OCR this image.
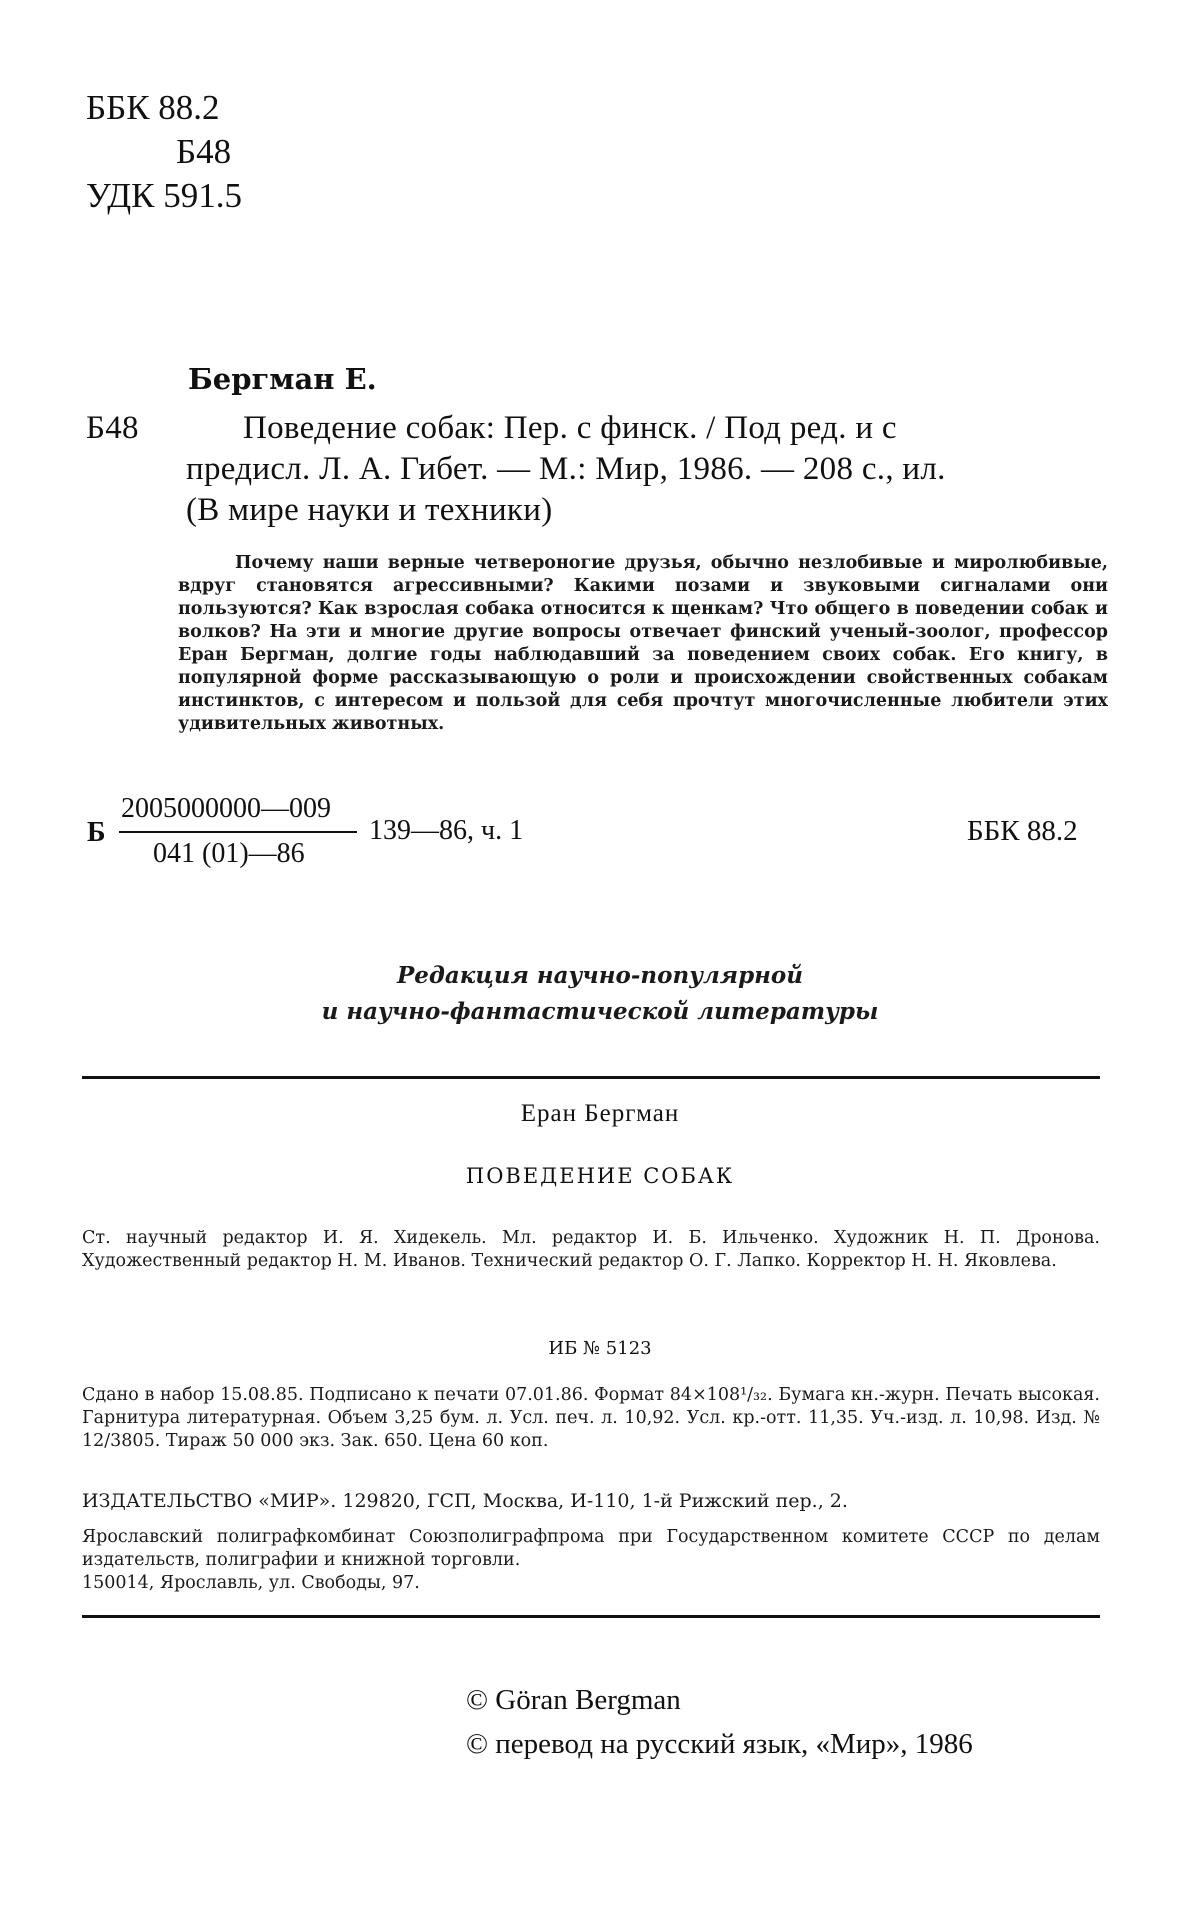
ББК 88.2
Б48
УДК 591.5
Бергман Е.
Б48	Поведение собак: Пер. с финск. / Под ред. и с
предисл. Л. А. Гибет. — М.: Мир, 1986. — 208 с., ил.
(В мире науки и техники)

Почему наши верные четвероногие друзья, обычно незлобивые и миролюбивые, вдруг становятся агрессивными? Какими позами и звуковыми сигналами они пользуются? Как взрослая собака относится к щенкам? Что общего в поведении собак и волков? На эти и многие другие вопросы отвечает финский ученый-зоолог, профессор Еран Бергман, долгие годы наблюдавший за поведением своих собак. Его книгу, в популярной форме рассказывающую о роли и происхождении свойственных собакам инстинктов, с интересом и пользой для себя прочтут многочисленные любители этих удивительных животных.

Б
2005000000—009
041 (01)—86
139—86, ч. 1	ББК 88.2
Редакция научно-популярной
и научно-фантастической литературы
Еран Бергман
ПОВЕДЕНИЕ СОБАК

Ст. научный редактор И. Я. Хидекель. Мл. редактор И. Б. Ильченко. Художник Н. П. Дронова. Художественный редактор Н. М. Иванов. Технический редактор О. Г. Лапко. Корректор Н. Н. Яковлева.

ИБ № 5123

Сдано в набор 15.08.85. Подписано к печати 07.01.86. Формат 84×108¹/₃₂. Бумага кн.-журн. Печать высокая. Гарнитура литературная. Объем 3,25 бум. л. Усл. печ. л. 10,92. Усл. кр.-отт. 11,35. Уч.-изд. л. 10,98. Изд. № 12/3805. Тираж 50 000 экз. Зак. 650. Цена 60 коп.

ИЗДАТЕЛЬСТВО «МИР». 129820, ГСП, Москва, И-110, 1-й Рижский пер., 2.

Ярославский полиграфкомбинат Союзполиграфпрома при Государственном комитете СССР по делам издательств, полиграфии и книжной торговли.

150014, Ярославль, ул. Свободы, 97.

© Göran Bergman
© перевод на русский язык, «Мир», 1986
